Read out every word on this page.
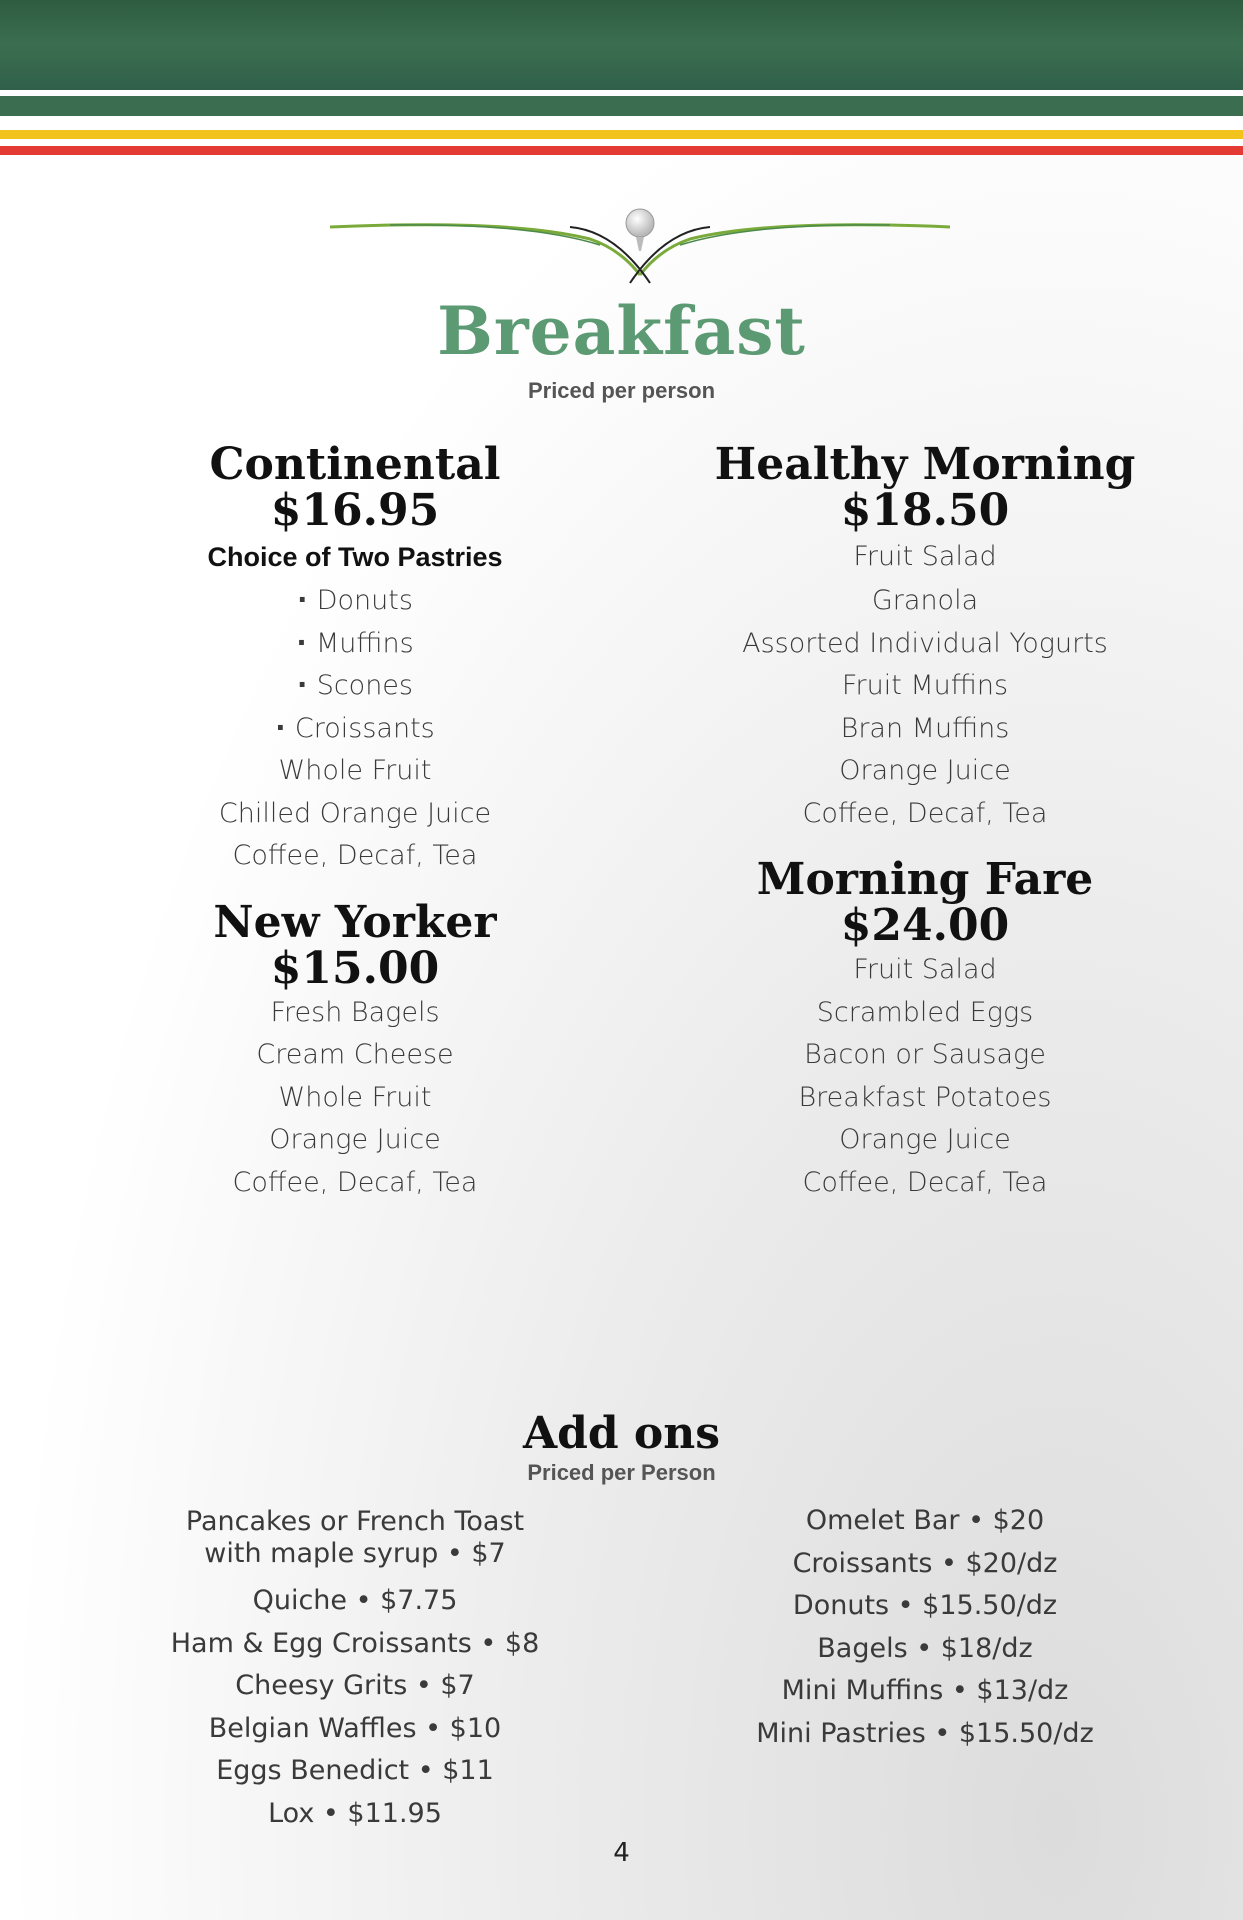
Breakfast
Priced per person
Continental
$16.95
Choice of Two Pastries
· Donuts
· Muffins
· Scones
· Croissants
Whole Fruit
Chilled Orange Juice
Coffee, Decaf, Tea
New Yorker
$15.00
Fresh Bagels
Cream Cheese
Whole Fruit
Orange Juice
Coffee, Decaf, Tea
Healthy Morning
$18.50
Fruit Salad
Granola
Assorted Individual Yogurts
Fruit Muffins
Bran Muffins
Orange Juice
Coffee, Decaf, Tea
Morning Fare
$24.00
Fruit Salad
Scrambled Eggs
Bacon or Sausage
Breakfast Potatoes
Orange Juice
Coffee, Decaf, Tea
Add ons
Priced per Person
Pancakes or French Toast
with maple syrup • $7
Quiche • $7.75
Ham & Egg Croissants • $8
Cheesy Grits • $7
Belgian Waffles • $10
Eggs Benedict • $11
Lox • $11.95
Omelet Bar • $20
Croissants • $20/dz
Donuts • $15.50/dz
Bagels • $18/dz
Mini Muffins • $13/dz
Mini Pastries • $15.50/dz
4
